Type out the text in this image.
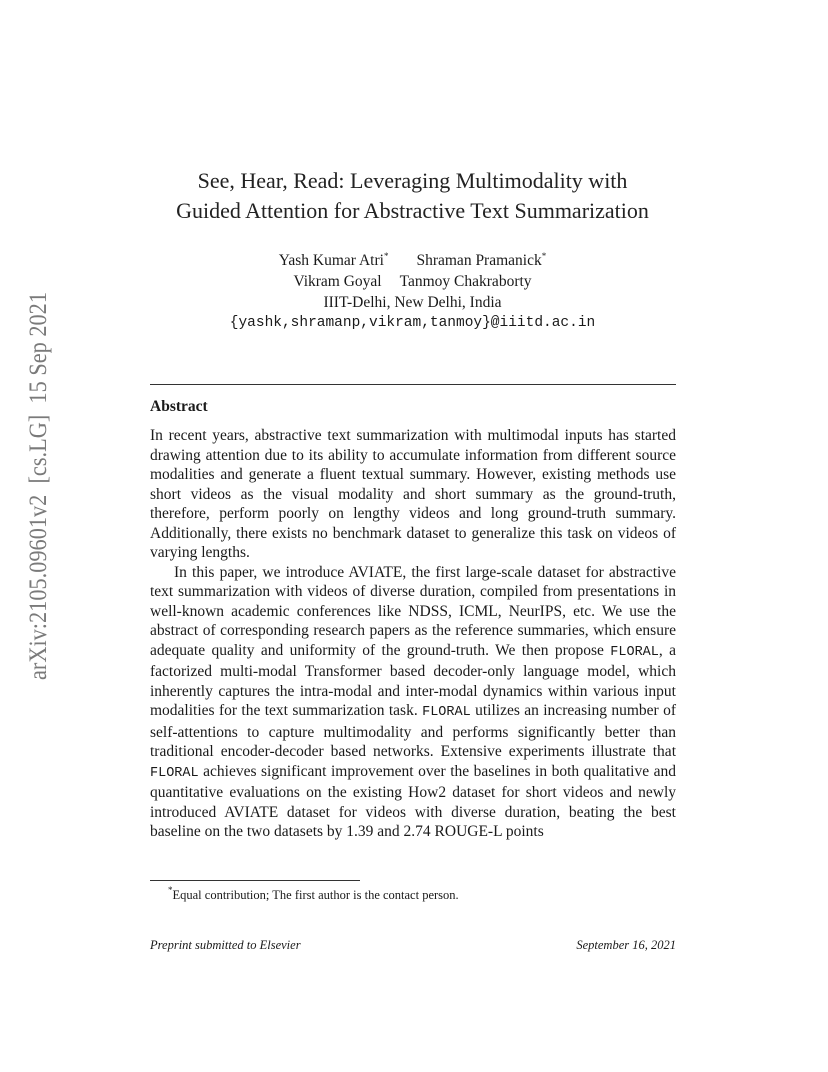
arXiv:2105.09601v2  [cs.LG]  15 Sep 2021
See, Hear, Read: Leveraging Multimodality with
Guided Attention for Abstractive Text Summarization
Yash Kumar Atri* Shraman Pramanick*
Vikram Goyal Tanmoy Chakraborty
IIIT-Delhi, New Delhi, India
{yashk,shramanp,vikram,tanmoy}@iiitd.ac.in
Abstract

In recent years, abstractive text summarization with multimodal inputs has started drawing attention due to its ability to accumulate information from different source modalities and generate a fluent textual summary. However, existing methods use short videos as the visual modality and short summary as the ground-truth, therefore, perform poorly on lengthy videos and long ground-truth summary. Additionally, there exists no benchmark dataset to generalize this task on videos of varying lengths.

In this paper, we introduce AVIATE, the first large-scale dataset for abstractive text summarization with videos of diverse duration, compiled from presentations in well-known academic conferences like NDSS, ICML, NeurIPS, etc. We use the abstract of corresponding research papers as the reference summaries, which ensure adequate quality and uniformity of the ground-truth. We then propose FLORAL, a factorized multi-modal Transformer based decoder-only language model, which inherently captures the intra-modal and inter-modal dynamics within various input modalities for the text summarization task. FLORAL utilizes an increasing number of self-attentions to capture multimodality and performs significantly better than traditional encoder-decoder based networks. Extensive experiments illustrate that FLORAL achieves significant improvement over the baselines in both qualitative and quantitative evaluations on the existing How2 dataset for short videos and newly introduced AVIATE dataset for videos with diverse duration, beating the best baseline on the two datasets by 1.39 and 2.74 ROUGE-L points

*Equal contribution; The first author is the contact person.
Preprint submitted to Elsevier	September 16, 2021
